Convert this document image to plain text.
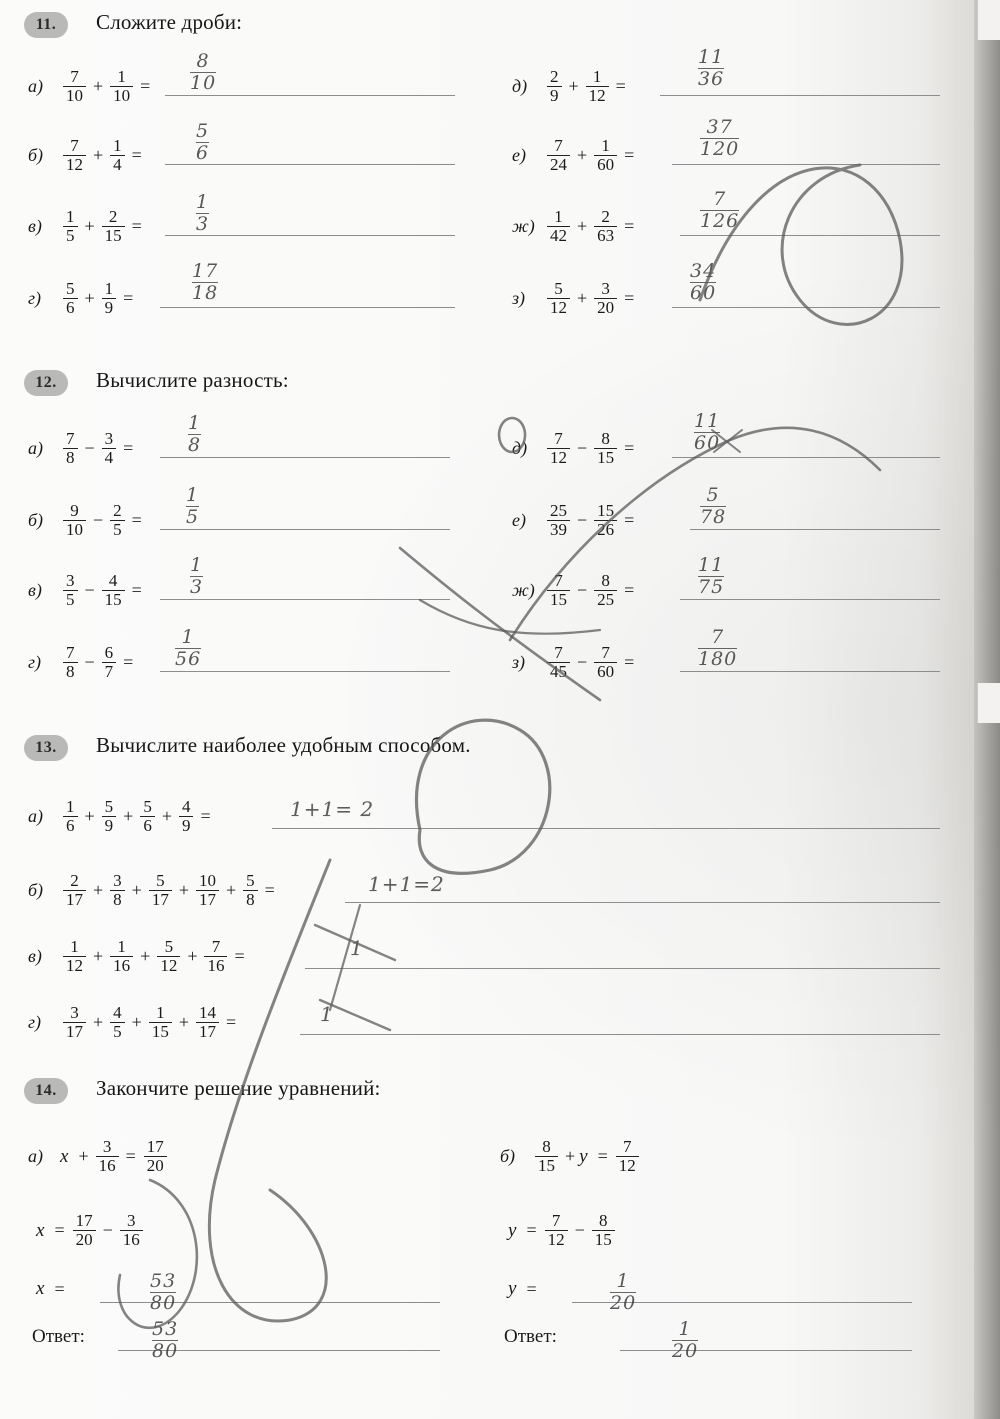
11.	Сложите дроби:
а)	$\frac{7}{10} + \frac{1}{10} = \frac{8}{10}$
б)	$\frac{7}{12} + \frac{1}{4}$ =	$\frac{5}{6}$
в)	$\frac{1}{5} + \frac{2}{15}$ =	$\frac{1}{3}$
г)	$\frac{5}{6} + \frac{1}{9}$ =	$\frac{17}{18}$
д)	$\frac{2}{9} + \frac{1}{12}$ =	$\frac{11}{36}$
е)	$\frac{7}{24} + \frac{1}{60}$ =	$\frac{37}{120}$
$ж) \frac{1}{42} + \frac{2}{63}$ =	$\frac{7}{126}$
з)	$\frac{5}{12} + \frac{3}{20}$ =	$\frac{34}{60}$
12.	Вычислите разность:
а)	$\frac{7}{8} - \frac{3}{4}$ =	$\frac{1}{8}$
б)	$\frac{9}{10} - \frac{2}{5} = \frac{1}{5}$
в)	$\frac{3}{5} - \frac{4}{15}$ =	$\frac{1}{3}$
г)	$\frac{7}{8} - \frac{6}{7} = \frac{1}{56}$
д)	$\frac{7}{12} - \frac{8}{15}$ =	$\frac{11}{60}$
е)	$\frac{25}{39} - \frac{15}{26}$ =	$\frac{5}{78}$
$ж) \frac{7}{15} - \frac{8}{25}$ =	$\frac{11}{75}$
з)	$\frac{7}{45} - \frac{7}{60}$ =	$\frac{7}{180}$
13.	Вычислите наиболее удобным способом.
а)	$\frac{1}{6} + \frac{5}{9} + \frac{5}{6} + \frac{4}{9}$ =	1+1= 2
б)	$\frac{2}{17} + \frac{3}{8} + \frac{5}{17} + \frac{10}{17} + \frac{5}{8}$ =	1+1=2
в)	$\frac{1}{12} + \frac{1}{16} + \frac{5}{12} + \frac{7}{16}$ =	1
г)	$\frac{3}{17} + \frac{4}{5} + \frac{1}{15} + \frac{14}{17}$ =	1
14.	Закончите решение уравнений:
а) $x + \frac{3}{16} = \frac{17}{20}$
$x = \frac{17}{20} - \frac{3}{16}$
x =	$\frac{53}{80}$
Ответ:	$\frac{53}{80}$
б)	$\frac{8}{15} + y = \frac{7}{12}$
$y = \frac{7}{12} - \frac{8}{15}$
y =	$\frac{1}{20}$
Ответ:	$\frac{1}{20}$
